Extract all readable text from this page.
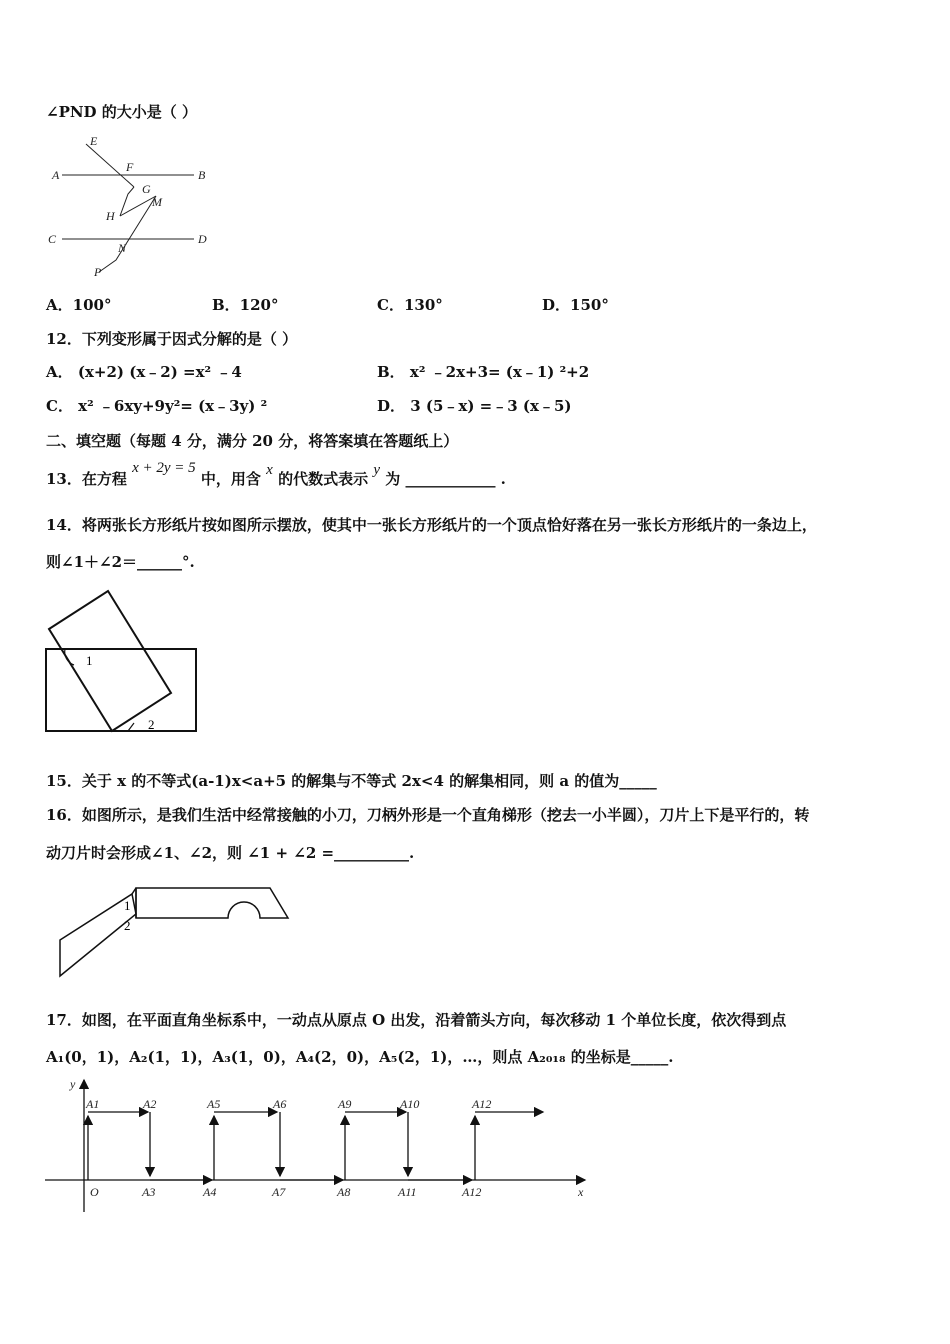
∠PND 的大小是（ ）
E
A
F
B
G
M
H
C
N
D
P
A．100°	B．120°	C．130°	D．150°
12．下列变形属于因式分解的是（ ）
A． (x+2) (x﹣2) =x² ﹣4	B． x² ﹣2x+3= (x﹣1) ²+2
C． x² ﹣6xy+9y²= (x﹣3y) ²	D． 3 (5﹣x) =﹣3 (x﹣5)
二、填空题（每题 4 分，满分 20 分，将答案填在答题纸上）
13．在方程 x + 2y = 5 中，用含 x 的代数式表示 y 为 ____________ .
14．将两张长方形纸片按如图所示摆放，使其中一张长方形纸片的一个顶点恰好落在另一张长方形纸片的一条边上，
则∠1＋∠2＝______°.
1
2
15．关于 x 的不等式(a-1)x<a+5 的解集与不等式 2x<4 的解集相同，则 a 的值为_____
16．如图所示，是我们生活中经常接触的小刀，刀柄外形是一个直角梯形（挖去一小半圆），刀片上下是平行的，转
动刀片时会形成∠1、∠2，则 ∠1 + ∠2 =__________.
1
2
17．如图，在平面直角坐标系中，一动点从原点 O 出发，沿着箭头方向，每次移动 1 个单位长度，依次得到点
A₁(0，1)，A₂(1，1)，A₃(1，0)，A₄(2，0)，A₅(2，1)，…，则点 A₂₀₁₈ 的坐标是_____.
y
x
O
A1	A2	A5	A6	A9	A10	A12
A3	A4	A7	A8	A11	A12
